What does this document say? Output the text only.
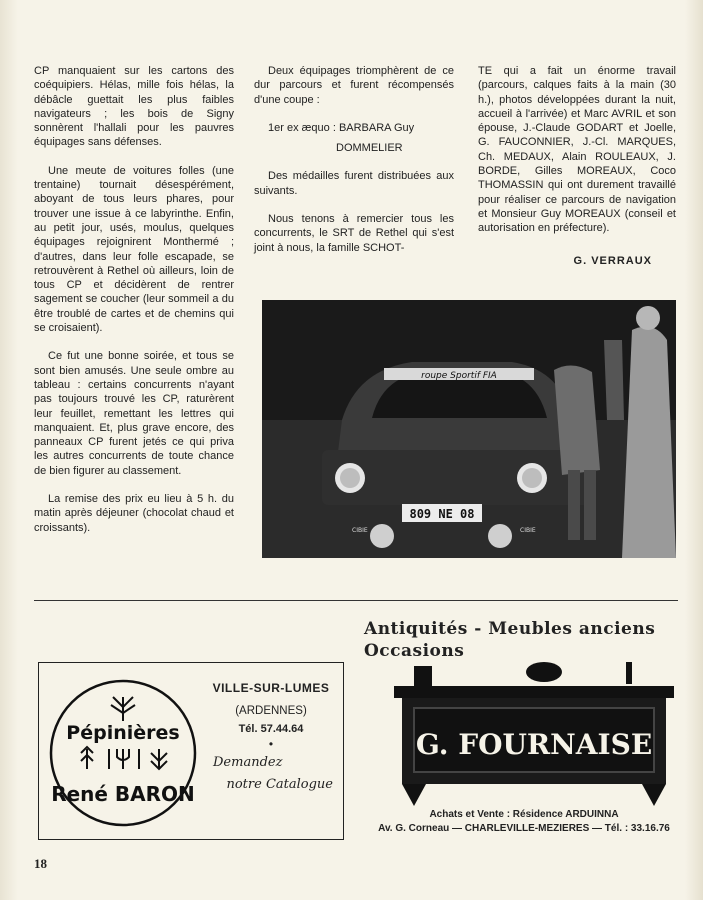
CP manquaient sur les cartons des coéquipiers. Hélas, mille fois hélas, la débâcle guettait les plus faibles navigateurs ; les bois de Signy sonnèrent l'hallali pour les pauvres équipages sans défenses.

Une meute de voitures folles (une trentaine) tournait désespérément, aboyant de tous leurs phares, pour trouver une issue à ce labyrinthe. Enfin, au petit jour, usés, moulus, quelques équipages rejoignirent Monthermé ; d'autres, dans leur folle escapade, se retrouvèrent à Rethel où ailleurs, loin de tous CP et décidèrent de rentrer sagement se coucher (leur sommeil a du être troublé de cartes et de chemins qui se croisaient).

Ce fut une bonne soirée, et tous se sont bien amusés. Une seule ombre au tableau : certains concurrents n'ayant pas toujours trouvé les CP, raturèrent leur feuillet, remettant les lettres qui manquaient. Et, plus grave encore, des panneaux CP furent jetés ce qui priva les autres concurrents de toute chance de bien figurer au classement.

La remise des prix eu lieu à 5 h. du matin après déjeuner (chocolat chaud et croissants).

Deux équipages triomphèrent de ce dur parcours et furent récompensés d'une coupe :

1er ex æquo : BARBARA Guy
DOMMELIER

Des médailles furent distribuées aux suivants.

Nous tenons à remercier tous les concurrents, le SRT de Rethel qui s'est joint à nous, la famille SCHOT-

TE qui a fait un énorme travail (parcours, calques faits à la main (30 h.), photos développées durant la nuit, accueil à l'arrivée) et Marc AVRIL et son épouse, J.-Claude GODART et Joelle, G. FAUCONNIER, J.-Cl. MARQUES, Ch. MEDAUX, Alain ROULEAUX, J. BORDE, Gilles MOREAUX, Coco THOMASSIN qui ont durement travaillé pour réaliser ce parcours de navigation et Monsieur Guy MOREAUX (conseil et autorisation en préfecture).

G. VERRAUX
roupe Sportif FIA
809 NE 08
CIBIE	CIBIE
Pépinières
René BARON
VILLE-SUR-LUMES
(ARDENNES)
Tél. 57.44.64
•
Demandez
notre Catalogue
Antiquités - Meubles anciens
Occasions
G. FOURNAISE
Achats et Vente : Résidence ARDUINNA
Av. G. Corneau — CHARLEVILLE-MEZIERES — Tél. : 33.16.76
18
